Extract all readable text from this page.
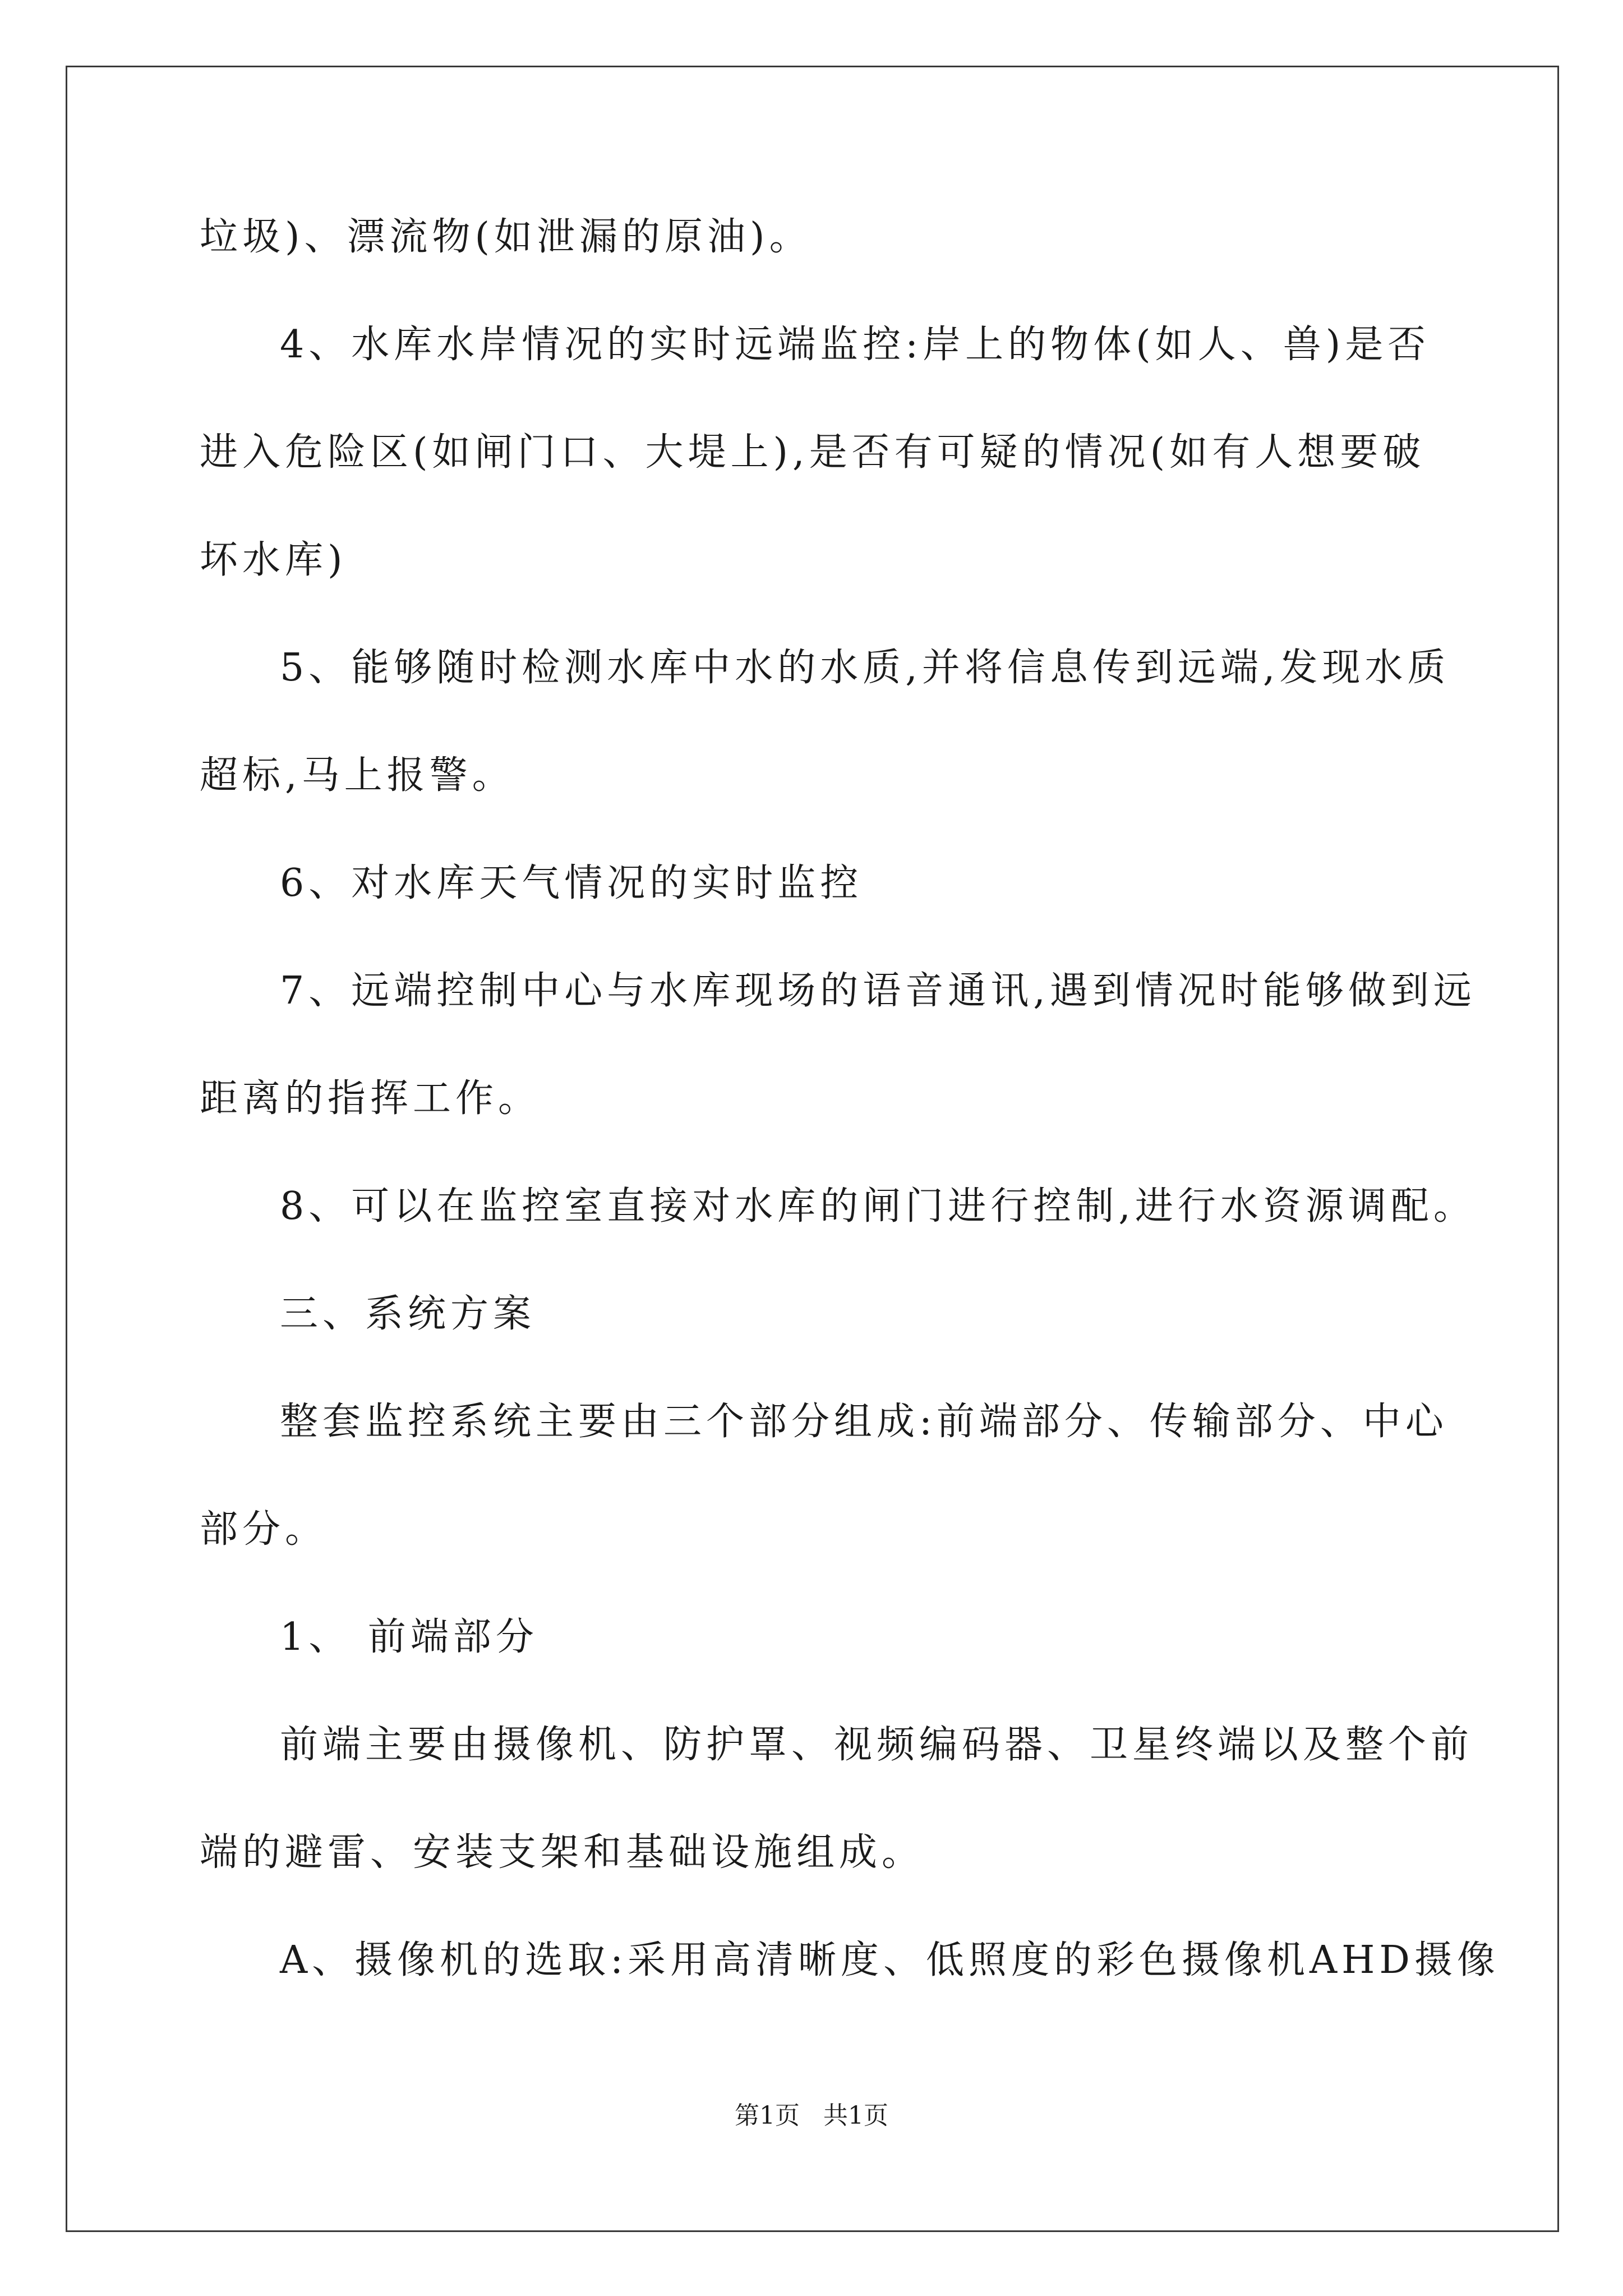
垃圾)、漂流物(如泄漏的原油)。
4、水库水岸情况的实时远端监控:岸上的物体(如人、兽)是否
进入危险区(如闸门口、大堤上),是否有可疑的情况(如有人想要破
坏水库)
5、能够随时检测水库中水的水质,并将信息传到远端,发现水质
超标,马上报警。
6、对水库天气情况的实时监控
7、远端控制中心与水库现场的语音通讯,遇到情况时能够做到远
距离的指挥工作。
8、可以在监控室直接对水库的闸门进行控制,进行水资源调配。
三、系统方案
整套监控系统主要由三个部分组成:前端部分、传输部分、中心
部分。
1、 前端部分
前端主要由摄像机、防护罩、视频编码器、卫星终端以及整个前
端的避雷、安装支架和基础设施组成。
A、摄像机的选取:采用高清晰度、低照度的彩色摄像机AHD摄像
第1页   共1页
